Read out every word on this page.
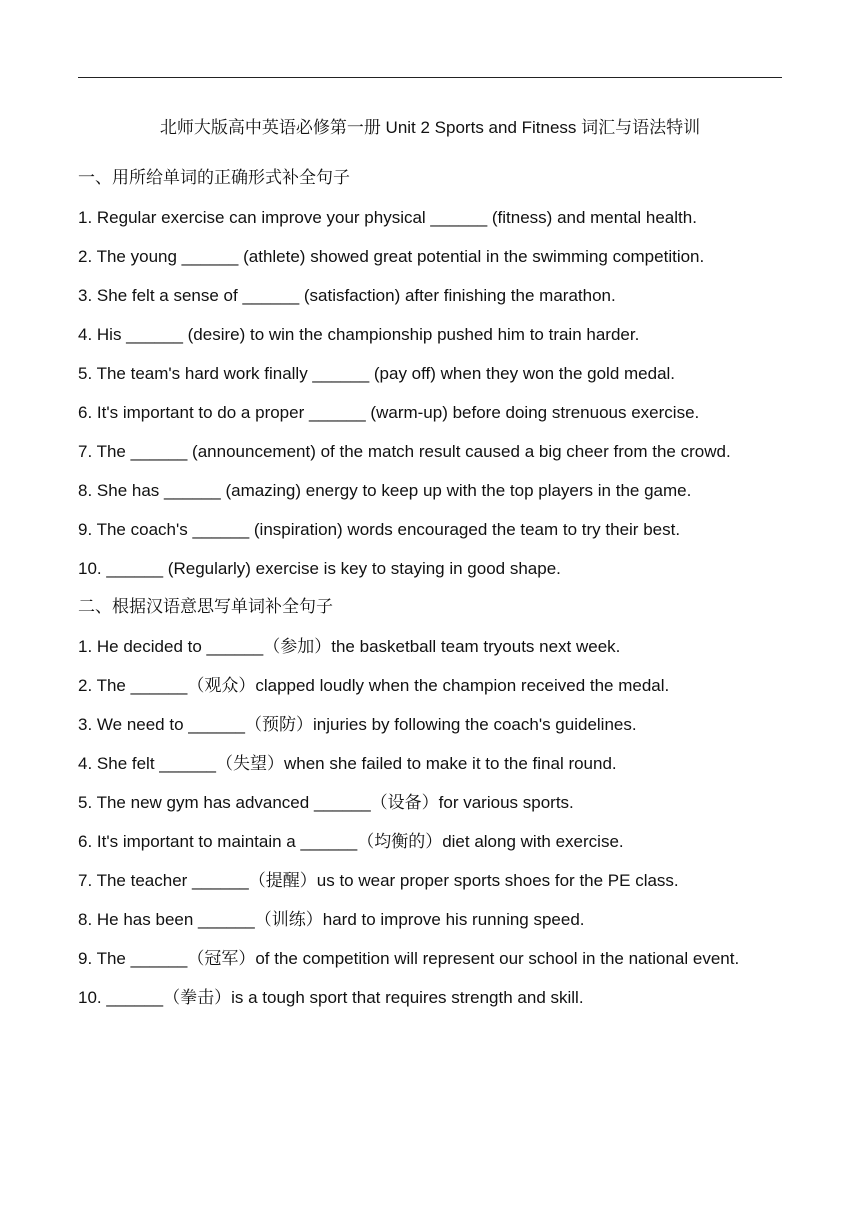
北师大版高中英语必修第一册 Unit 2 Sports and Fitness 词汇与语法特训
一、用所给单词的正确形式补全句子
1. Regular exercise can improve your physical ______ (fitness) and mental health.
2. The young ______ (athlete) showed great potential in the swimming competition.
3. She felt a sense of ______ (satisfaction) after finishing the marathon.
4. His ______ (desire) to win the championship pushed him to train harder.
5. The team's hard work finally ______ (pay off) when they won the gold medal.
6. It's important to do a proper ______ (warm-up) before doing strenuous exercise.
7. The ______ (announcement) of the match result caused a big cheer from the crowd.
8. She has ______ (amazing) energy to keep up with the top players in the game.
9. The coach's ______ (inspiration) words encouraged the team to try their best.
10. ______ (Regularly) exercise is key to staying in good shape.
二、根据汉语意思写单词补全句子
1. He decided to ______（参加）the basketball team tryouts next week.
2. The ______（观众）clapped loudly when the champion received the medal.
3. We need to ______（预防）injuries by following the coach's guidelines.
4. She felt ______（失望）when she failed to make it to the final round.
5. The new gym has advanced ______（设备）for various sports.
6. It's important to maintain a ______（均衡的）diet along with exercise.
7. The teacher ______（提醒）us to wear proper sports shoes for the PE class.
8. He has been ______（训练）hard to improve his running speed.
9. The ______（冠军）of the competition will represent our school in the national event.
10. ______（拳击）is a tough sport that requires strength and skill.
